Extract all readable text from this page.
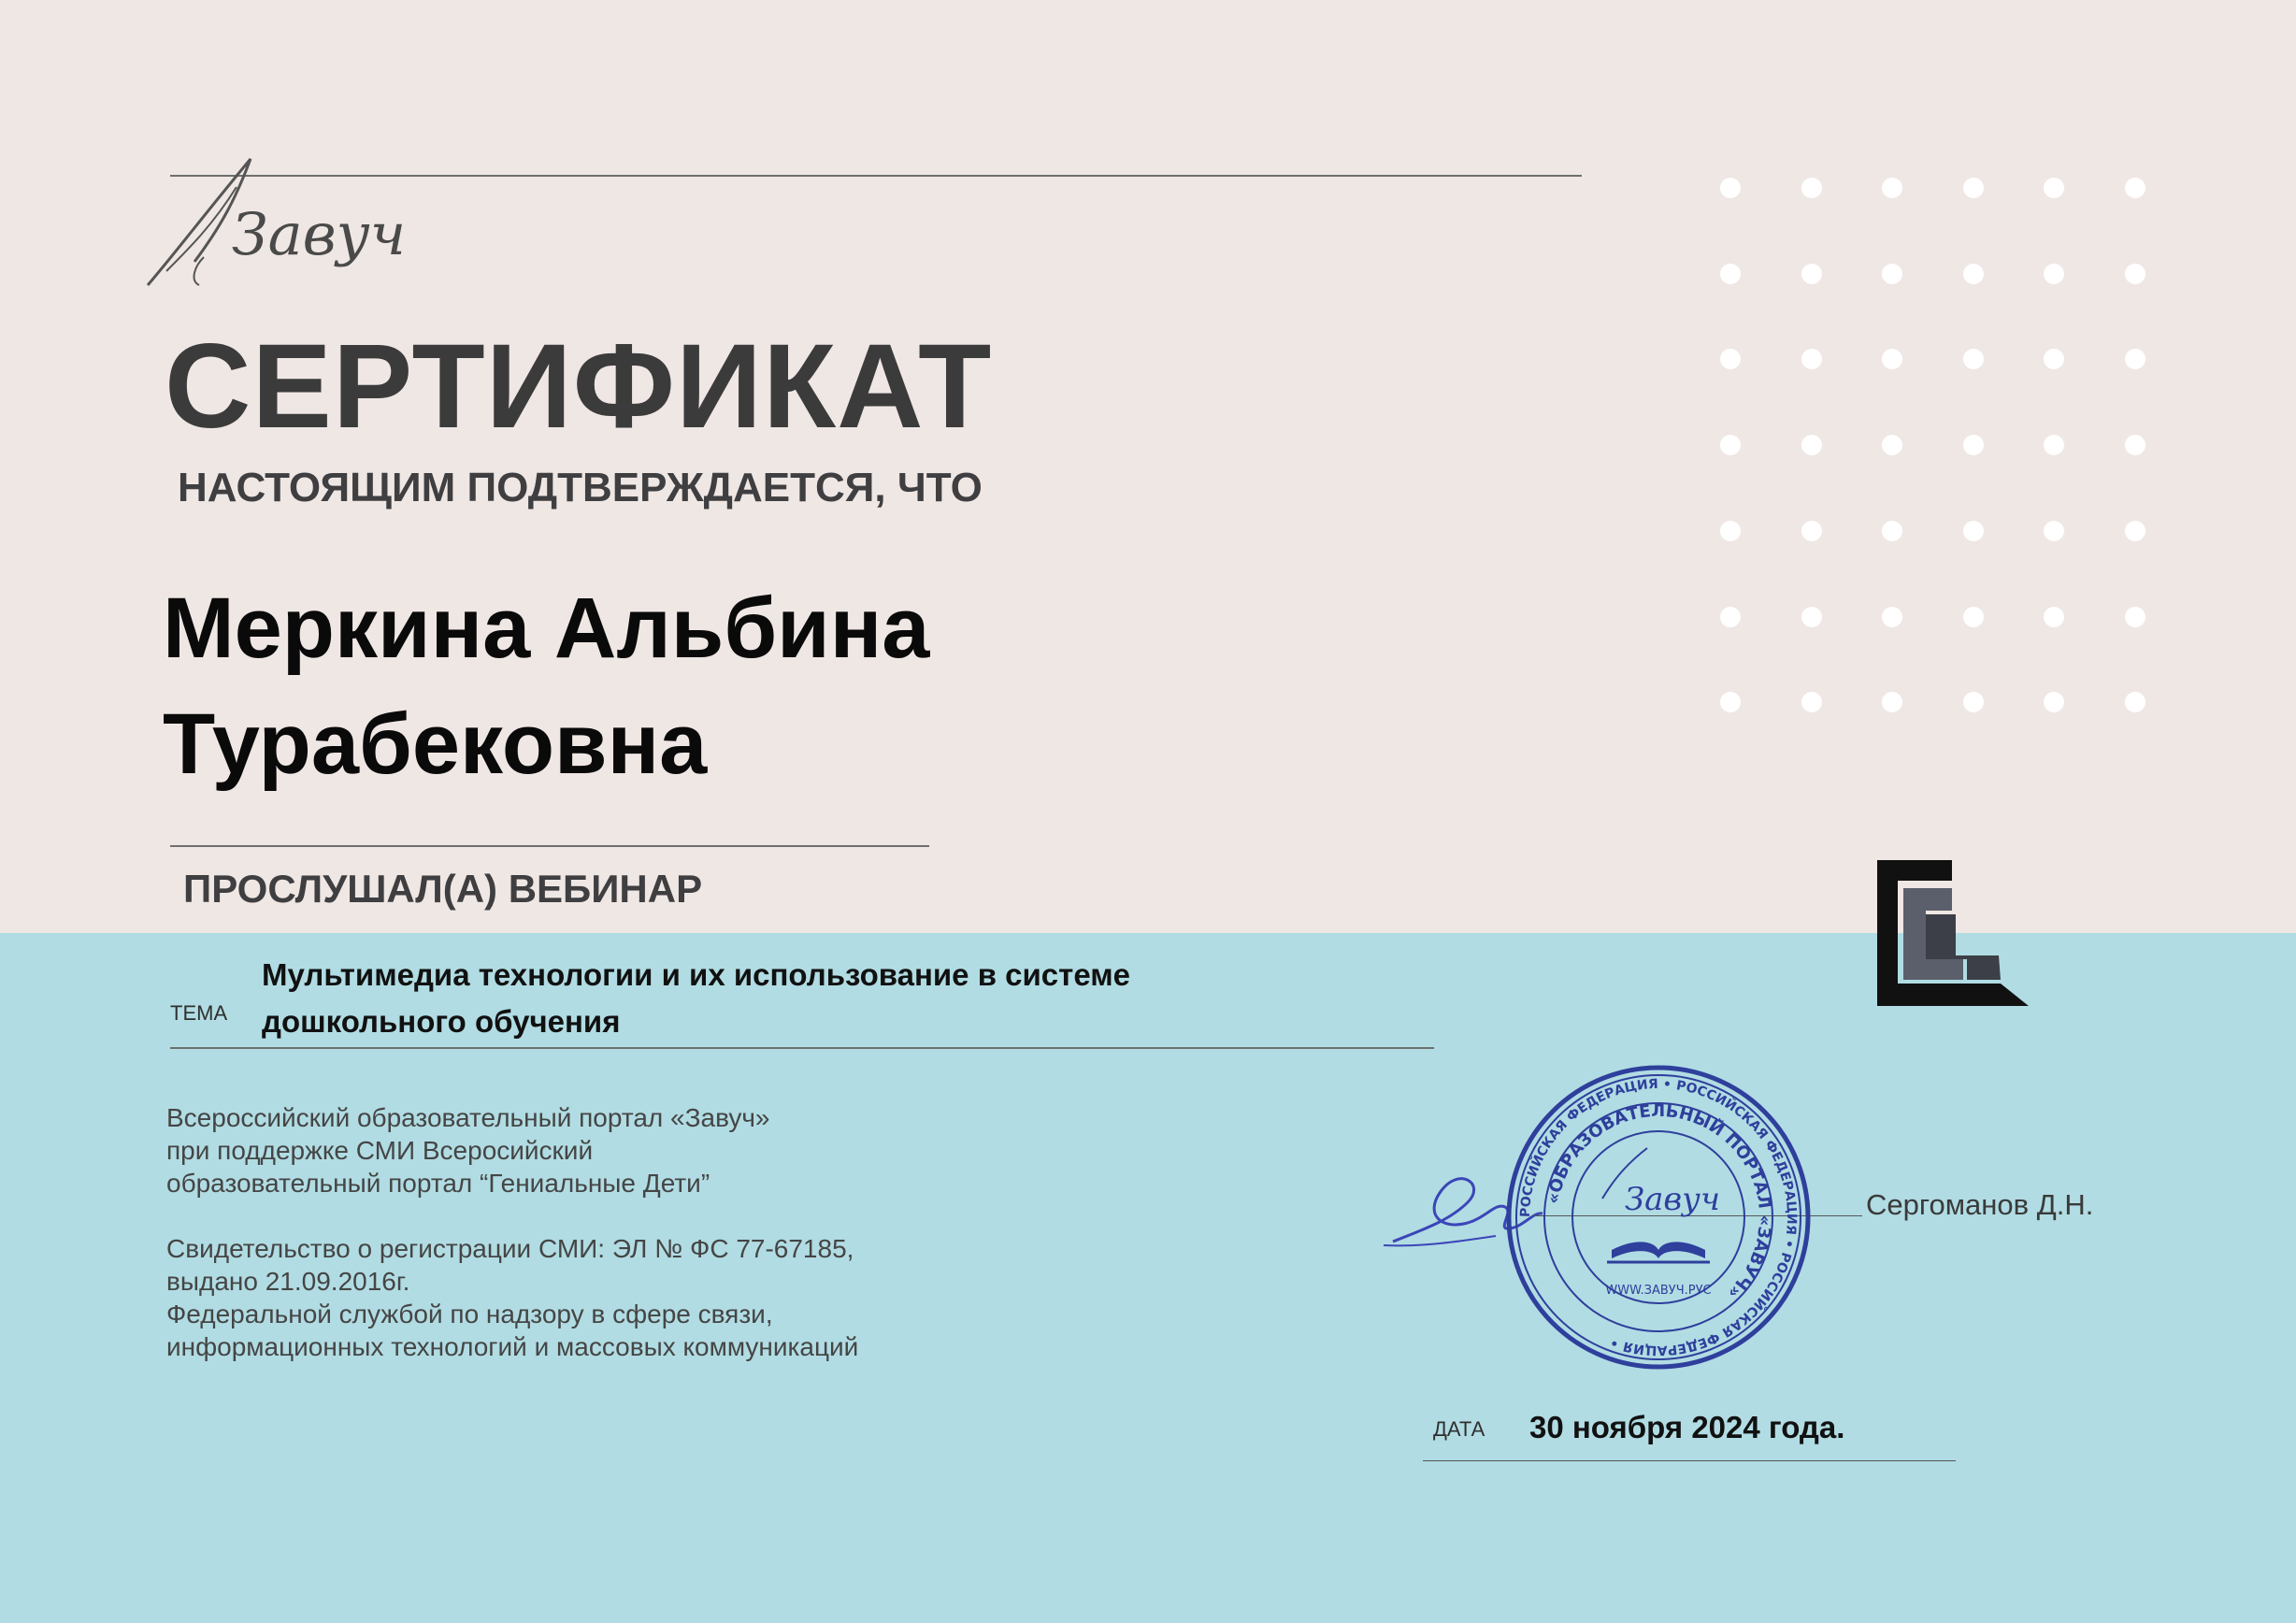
Завуч
СЕРТИФИКАТ
НАСТОЯЩИМ ПОДТВЕРЖДАЕТСЯ, ЧТО
Меркина Альбина
Турабековна
ПРОСЛУШАЛ(А) ВЕБИНАР
ТЕМА
Мультимедиа технологии и их использование в системе
дошкольного обучения
Всероссийский образовательный портал «Завуч»
при поддержке СМИ Всеросийский
образовательный портал “Гениальные Дети”
Свидетельство о регистрации СМИ: ЭЛ № ФС 77-67185,
выдано 21.09.2016г.
Федеральной службой по надзору в сфере связи,
информационных технологий и массовых коммуникаций
Сергоманов Д.Н.
РОССИЙСКАЯ ФЕДЕРАЦИЯ • РОССИЙСКАЯ ФЕДЕРАЦИЯ • РОССИЙСКАЯ ФЕДЕРАЦИЯ •
«ОБРАЗОВАТЕЛЬНЫЙ ПОРТАЛ «ЗАВУЧ»
Завуч
WWW.ЗАВУЧ.РУС
ДАТА 30 ноября 2024 года.
